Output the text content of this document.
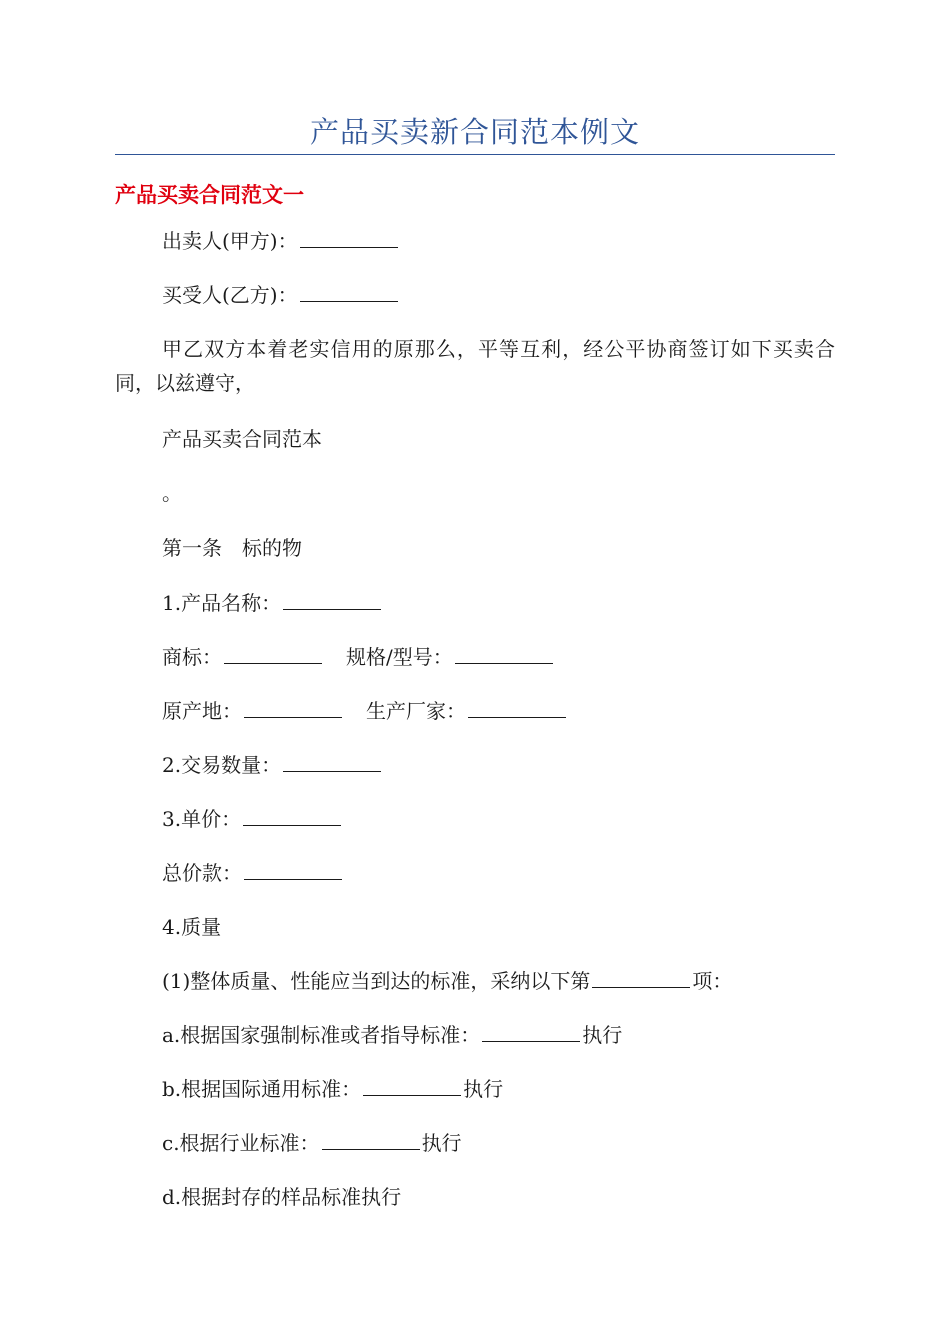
产品买卖新合同范本例文
产品买卖合同范文一
出卖人(甲方)：
买受人(乙方)：
甲乙双方本着老实信用的原那么，平等互利，经公平协商签订如下买卖合同，以兹遵守，
产品买卖合同范本
。
第一条　标的物
1.产品名称：
商标：	规格/型号：
原产地：	生产厂家：
2.交易数量：
3.单价：
总价款：
4.质量
(1)整体质量、性能应当到达的标准，采纳以下第	项：
a.根据国家强制标准或者指导标准：	执行
b.根据国际通用标准：	执行
c.根据行业标准：	执行
d.根据封存的样品标准执行
